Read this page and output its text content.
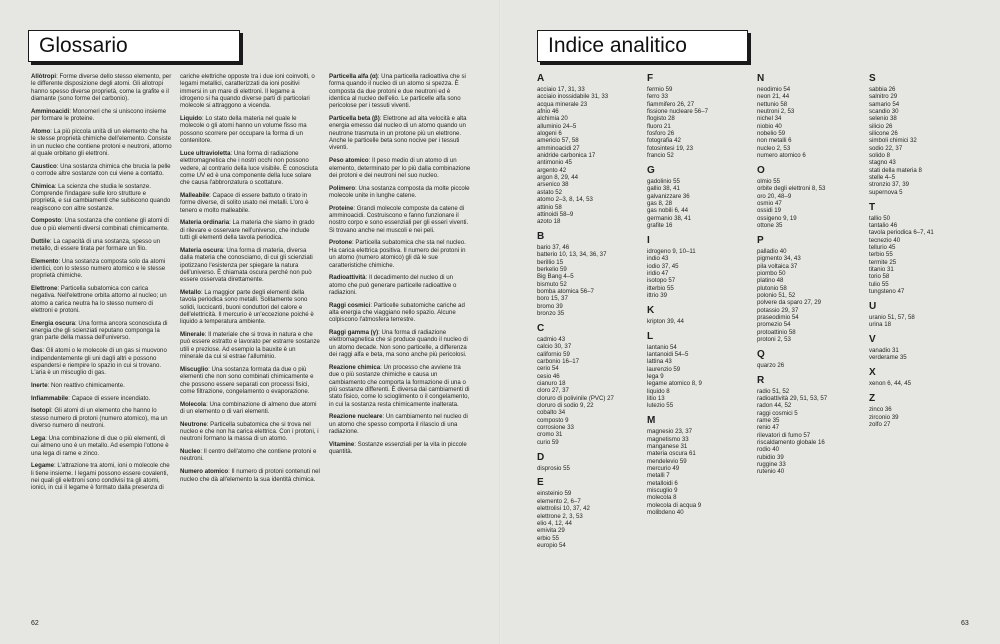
Glossario

Allòtropi: Forme diverse dello stesso elemento, per le differente disposizione degli atomi. Gli allotropi hanno spesso diverse proprietà, come la grafite e il diamante (sono forme del carbonio).

Amminoacidi: Monomeri che si uniscono insieme per formare le proteine.

Atomo: La più piccola unità di un elemento che ha le stesse proprietà chimiche dell'elemento. Consiste in un nucleo che contiene protoni e neutroni, attorno al quale orbitano gli elettroni.

Caustico: Una sostanza chimica che brucia la pelle o corrode altre sostanze con cui viene a contatto.

Chimica: La scienza che studia le sostanze. Comprende l'indagare sulle loro strutture e proprietà, e sui cambiamenti che subiscono quando reagiscono con altre sostanze.

Composto: Una sostanza che contiene gli atomi di due o più elementi diversi combinati chimicamente.

Duttile: La capacità di una sostanza, spesso un metallo, di essere tirata per formare un filo.

Elemento: Una sostanza composta solo da atomi identici, con lo stesso numero atomico e le stesse proprietà chimiche.

Elettrone: Particella subatomica con carica negativa. Nell'elettrone orbita attorno al nucleo; un atomo a carica neutra ha lo stesso numero di elettroni e protoni.

Energia oscura: Una forma ancora sconosciuta di energia che gli scienziati reputano compongа la gran parte della massa dell'universo.

Gas: Gli atomi o le molecole di un gas si muovono indipendentemente gli uni dagli altri e possono espandersi e riempire lo spazio in cui si trovano. L'aria è un miscuglio di gas.

Inerte: Non reattivo chimicamente.

Infiammabile: Capace di essere incendiato.

Isotopi: Gli atomi di un elemento che hanno lo stesso numero di protoni (numero atomico), ma un diverso numero di neutroni.

Lega: Una combinazione di due o più elementi, di cui almeno uno è un metallo. Ad esempio l'ottone è una lega di rame e zinco.

Legame: L'attrazione tra atomi, ioni o molecole che li tiene insieme. I legami possono essere covalenti, nei quali gli elettroni sono condivisi tra gli atomi, ionici, in cui il legame è formato dalla presenza di

cariche elettriche opposte tra i due ioni coinvolti, o legami metallici, caratterizzati da ioni positivi immersi in un mare di elettroni. Il legame a idrogeno si ha quando diverse parti di particolari molecole si attraggono a vicenda.

Liquido: Lo stato della materia nel quale le molecole o gli atomi hanno un volume fisso ma possono scorrere per occupare la forma di un contenitore.

Luce ultravioletta: Una forma di radiazione elettromagnetica che i nostri occhi non possono vedere, al contrario della luce visibile. È conosciuta come UV ed è una componente della luce solare che causa l'abbronzatura o scottature.

Malleabile: Capace di essere battuto o tirato in forme diverse, di solito usato nei metalli. L'oro è tenero e molto malleabile.

Materia ordinaria: La materia che siamo in grado di rilevare e osservare nell'universo, che include tutti gli elementi della tavola periodica.

Materia oscura: Una forma di materia, diversa dalla materia che conosciamo, di cui gli scienziati ipotizzano l'esistenza per spiegare la natura dell'universo. È chiamata oscura perché non può essere osservata direttamente.

Metallo: La maggior parte degli elementi della tavola periodica sono metalli. Solitamente sono solidi, luccicanti, buoni conduttori del calore e dell'elettricità. Il mercurio è un'eccezione poiché è liquido a temperatura ambiente.

Minerale: Il materiale che si trova in natura e che può essere estratto e lavorato per estrarre sostanze utili e preziose. Ad esempio la bauxite è un minerale da cui si estrae l'alluminio.

Miscuglio: Una sostanza formata da due o più elementi che non sono combinati chimicamente e che possono essere separati con processi fisici, come filtrazione, congelamento o evaporazione.

Molecola: Una combinazione di almeno due atomi di un elemento o di vari elementi.

Neutrone: Particella subatomica che si trova nel nucleo e che non ha carica elettrica. Con i protoni, i neutroni formano la massa di un atomo.

Nucleo: Il centro dell'atomo che contiene protoni e neutroni.

Numero atomico: Il numero di protoni contenuti nel nucleo che dà all'elemento la sua identità chimica.

Particella alfa (α): Una particella radioattiva che si forma quando il nucleo di un atomo si spezza. È composta da due protoni e due neutroni ed è identica al nucleo dell'elio. Le particelle alfa sono pericolose per i tessuti viventi.

Particella beta (β): Elettrone ad alta velocità e alta energia emesso dal nucleo di un atomo quando un neutrone trasmuta in un protone più un elettrone. Anche le particelle beta sono nocive per i tessuti viventi.

Peso atomico: Il peso medio di un atomo di un elemento, determinato per lo più dalla combinazione dei protoni e dei neutroni nel suo nucleo.

Polimero: Una sostanza composta da molte piccole molecole unite in lunghe catene.

Proteine: Grandi molecole composte da catene di amminoacidi. Costruiscono e fanno funzionare il nostro corpo e sono essenziali per gli esseri viventi. Si trovano anche nei muscoli e nei peli.

Protone: Particella subatomica che sta nel nucleo. Ha carica elettrica positiva. Il numero dei protoni in un atomo (numero atomico) gli dà le sue caratteristiche chimiche.

Radioattività: Il decadimento del nucleo di un atomo che può generare particelle radioattive o radiazioni.

Raggi cosmici: Particelle subatomiche cariche ad alta energia che viaggiano nello spazio. Alcune colpiscono l'atmosfera terrestre.

Raggi gamma (γ): Una forma di radiazione elettromagnetica che si produce quando il nucleo di un atomo decade. Non sono particelle, a differenza dei raggi alfa e beta, ma sono anche più pericolosi.

Reazione chimica: Un processo che avviene tra due o più sostanze chimiche e causa un cambiamento che comporta la formazione di una o più sostanze differenti. È diversa dai cambiamenti di stato fisico, come lo scioglimento o il congelamento, in cui la sostanza resta chimicamente inalterata.

Reazione nucleare: Un cambiamento nel nucleo di un atomo che spesso comporta il rilascio di una radiazione.

Vitamine: Sostanze essenziali per la vita in piccole quantità.

62
Indice analitico
A
acciaio 17, 31, 33
acciaio inossidabile 31, 33
acqua minerale 23
afnio 46
alchimia 20
alluminio 24–5
alogeni 6
americio 57, 58
amminoacidi 27
anidride carbonica 17
antimonio 45
argento 42
argon 8, 29, 44
arsenico 38
astato 52
atomo 2–3, 8, 14, 53
attinio 58
attinoidi 58–9
azoto 18
B
bario 37, 46
batterio 10, 13, 34, 36, 37
berillio 15
berkelio 59
Big Bang 4–5
bismuto 52
bomba atomica 56–7
boro 15, 37
bromo 39
bronzo 35
C
cadmio 43
calcio 30, 37
californio 59
carbonio 16–17
cerio 54
cesio 46
cianuro 18
cloro 27, 37
cloruro di polivinile (PVC) 27
cloruro di sodio 9, 22
cobalto 34
composto 9
corrosione 33
cromo 31
curio 59
D
disprosio 55
E
einsteinio 59
elemento 2, 6–7
elettrolisi 10, 37, 42
elettrone 2, 3, 53
elio 4, 12, 44
emivita 29
erbio 55
europio 54
F
fermio 59
ferro 33
fiammifero 26, 27
fissione nucleare 56–7
flogisto 28
fluoro 21
fosforo 26
fotografia 42
fotosintesi 19, 23
francio 52
G
gadolinio 55
gallio 38, 41
galvanizzare 36
gas 8, 28
gas nobili 6, 44
germanio 38, 41
grafite 16
I
idrogeno 9, 10–11
indio 43
iodio 37, 45
iridio 47
isotopo 57
itterbio 55
ittrio 39
K
kripton 39, 44
L
lantanio 54
lantanoidi 54–5
lattina 43
laurenzio 59
lega 9
legame atomico 8, 9
liquido 8
litio 13
lutezio 55
M
magnesio 23, 37
magnetismo 33
manganese 31
materia oscura 61
mendelevio 59
mercurio 49
metalli 7
metalloidi 6
miscuglio 9
molecola 8
molecola di acqua 9
molibdeno 40
N
neodimio 54
neon 21, 44
nettunio 58
neutroni 2, 53
nichel 34
niobio 40
nobelio 59
non metalli 6
nucleo 2, 53
numero atomico 6
O
olmio 55
orbite degli elettroni 8, 53
oro 20, 48–9
osmio 47
ossidi 19
ossigeno 9, 19
ottone 35
P
palladio 40
pigmento 34, 43
pila voltaica 37
piombo 50
platino 48
plutonio 58
polonio 51, 52
polvere da sparo 27, 29
potassio 29, 37
praseodimio 54
promezio 54
protoattinio 58
protoni 2, 53
Q
quarzo 26
R
radio 51, 52
radioattività 29, 51, 53, 57
radon 44, 52
raggi cosmici 5
rame 35
renio 47
rilevatori di fumo 57
riscaldamento globale 16
rodio 40
rubidio 39
ruggine 33
rutenio 40
S
sabbia 26
salnitro 29
samario 54
scandio 30
selenio 38
silicio 26
silicone 26
simboli chimici 32
sodio 22, 37
solido 8
stagno 43
stati della materia 8
stelle 4–5
stronzio 37, 39
supernova 5
T
tallio 50
tantalio 46
tavola periodica 6–7, 41
tecnezio 40
tellurio 45
terbio 55
termite 25
titanio 31
torio 58
tulio 55
tungsteno 47
U
uranio 51, 57, 58
urina 18
V
vanadio 31
verderame 35
X
xenon 6, 44, 45
Z
zinco 36
zirconio 39
zolfo 27
63
